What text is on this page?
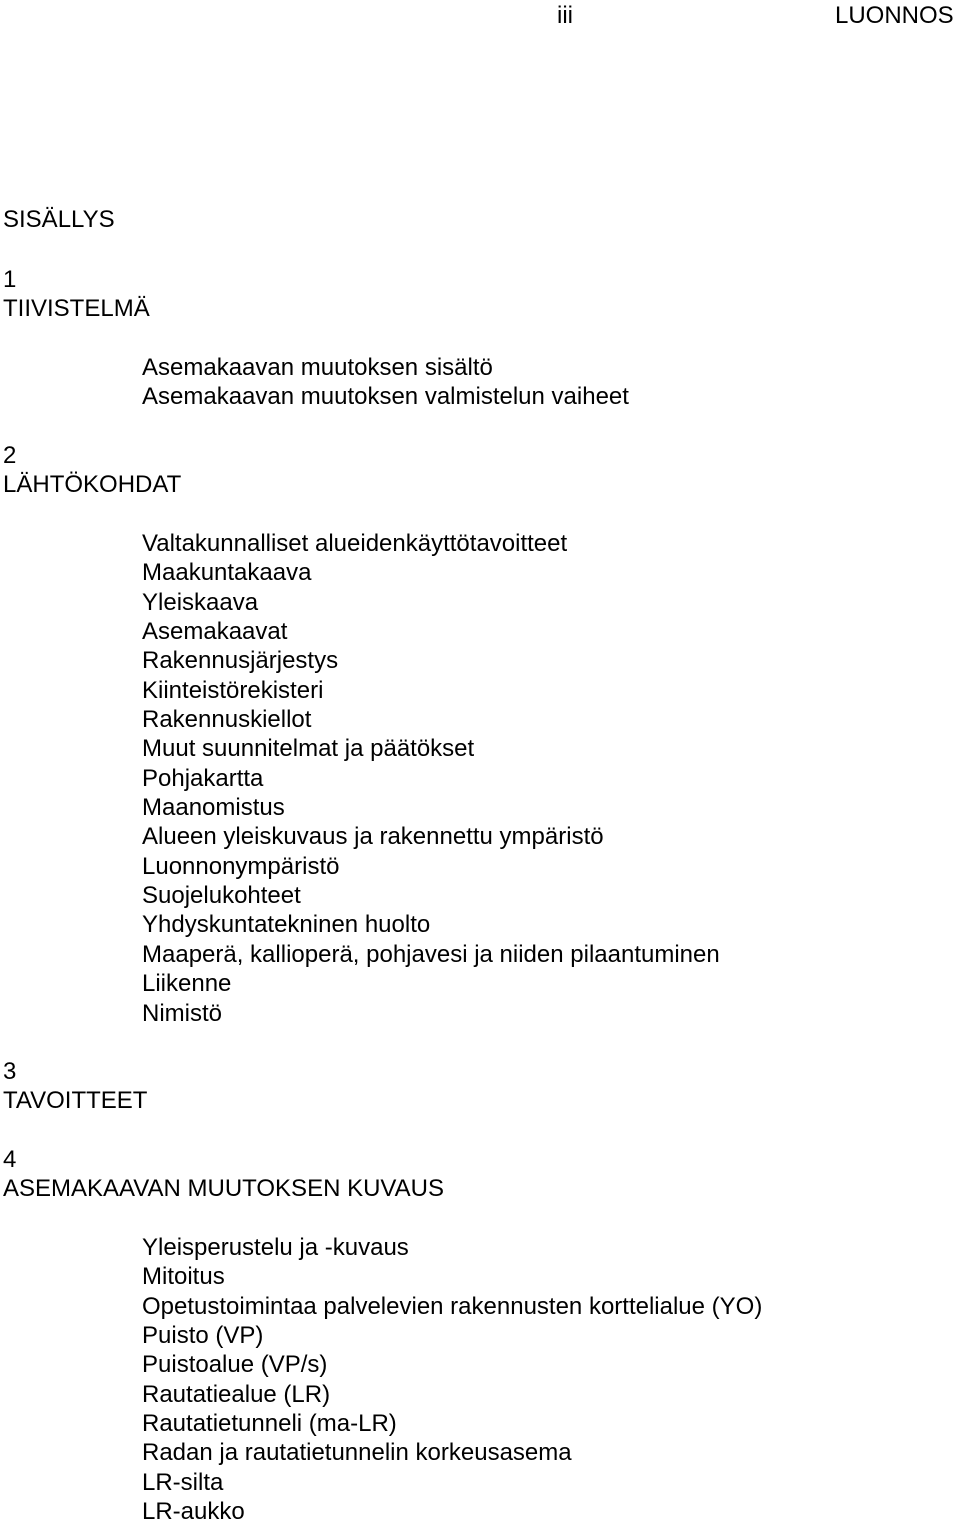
iii	LUONNOS
SISÄLLYS
1
TIIVISTELMÄ
Asemakaavan muutoksen sisältö
Asemakaavan muutoksen valmistelun vaiheet
2
LÄHTÖKOHDAT
Valtakunnalliset alueidenkäyttötavoitteet
Maakuntakaava
Yleiskaava
Asemakaavat
Rakennusjärjestys
Kiinteistörekisteri
Rakennuskiellot
Muut suunnitelmat ja päätökset
Pohjakartta
Maanomistus
Alueen yleiskuvaus ja rakennettu ympäristö
Luonnonympäristö
Suojelukohteet
Yhdyskuntatekninen huolto
Maaperä, kallioperä, pohjavesi ja niiden pilaantuminen
Liikenne
Nimistö
3
TAVOITTEET
4
ASEMAKAAVAN MUUTOKSEN KUVAUS
Yleisperustelu ja -kuvaus
Mitoitus
Opetustoimintaa palvelevien rakennusten korttelialue (YO)
Puisto (VP)
Puistoalue (VP/s)
Rautatiealue (LR)
Rautatietunneli (ma-LR)
Radan ja rautatietunnelin korkeusasema
LR-silta
LR-aukko
